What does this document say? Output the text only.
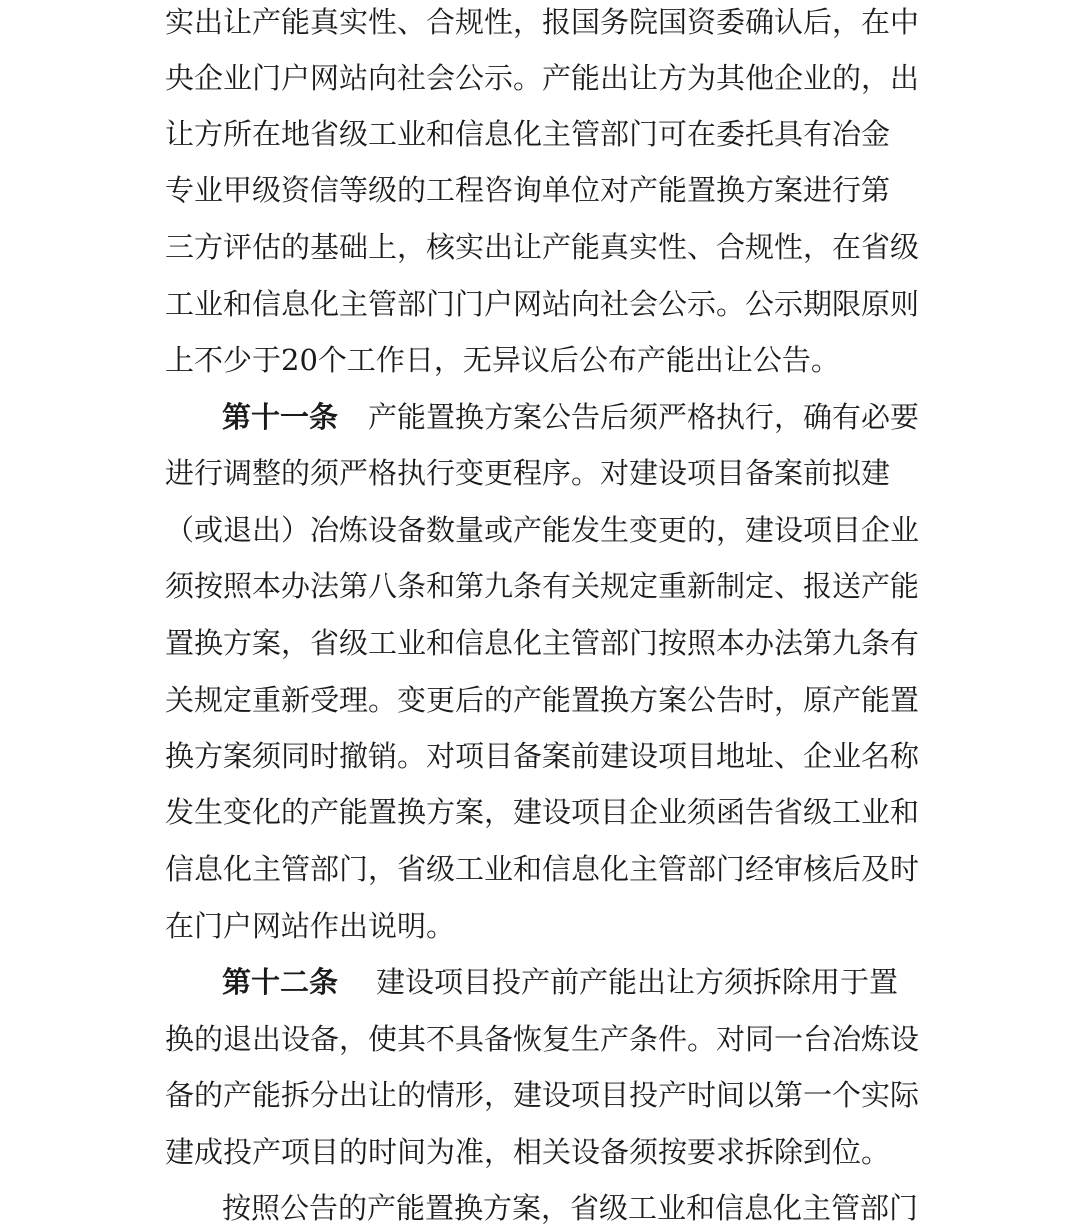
实出让产能真实性、合规性，报国务院国资委确认后，在中
央企业门户网站向社会公示。产能出让方为其他企业的，出
让方所在地省级工业和信息化主管部门可在委托具有冶金
专业甲级资信等级的工程咨询单位对产能置换方案进行第
三方评估的基础上，核实出让产能真实性、合规性，在省级
工业和信息化主管部门门户网站向社会公示。公示期限原则
上不少于20个工作日，无异议后公布产能出让公告。
第十一条 产能置换方案公告后须严格执行，确有必要
进行调整的须严格执行变更程序。对建设项目备案前拟建
（或退出）冶炼设备数量或产能发生变更的，建设项目企业
须按照本办法第八条和第九条有关规定重新制定、报送产能
置换方案，省级工业和信息化主管部门按照本办法第九条有
关规定重新受理。变更后的产能置换方案公告时，原产能置
换方案须同时撤销。对项目备案前建设项目地址、企业名称
发生变化的产能置换方案，建设项目企业须函告省级工业和
信息化主管部门，省级工业和信息化主管部门经审核后及时
在门户网站作出说明。
第十二条 建设项目投产前产能出让方须拆除用于置
换的退出设备，使其不具备恢复生产条件。对同一台冶炼设
备的产能拆分出让的情形，建设项目投产时间以第一个实际
建成投产项目的时间为准，相关设备须按要求拆除到位。
按照公告的产能置换方案，省级工业和信息化主管部门
